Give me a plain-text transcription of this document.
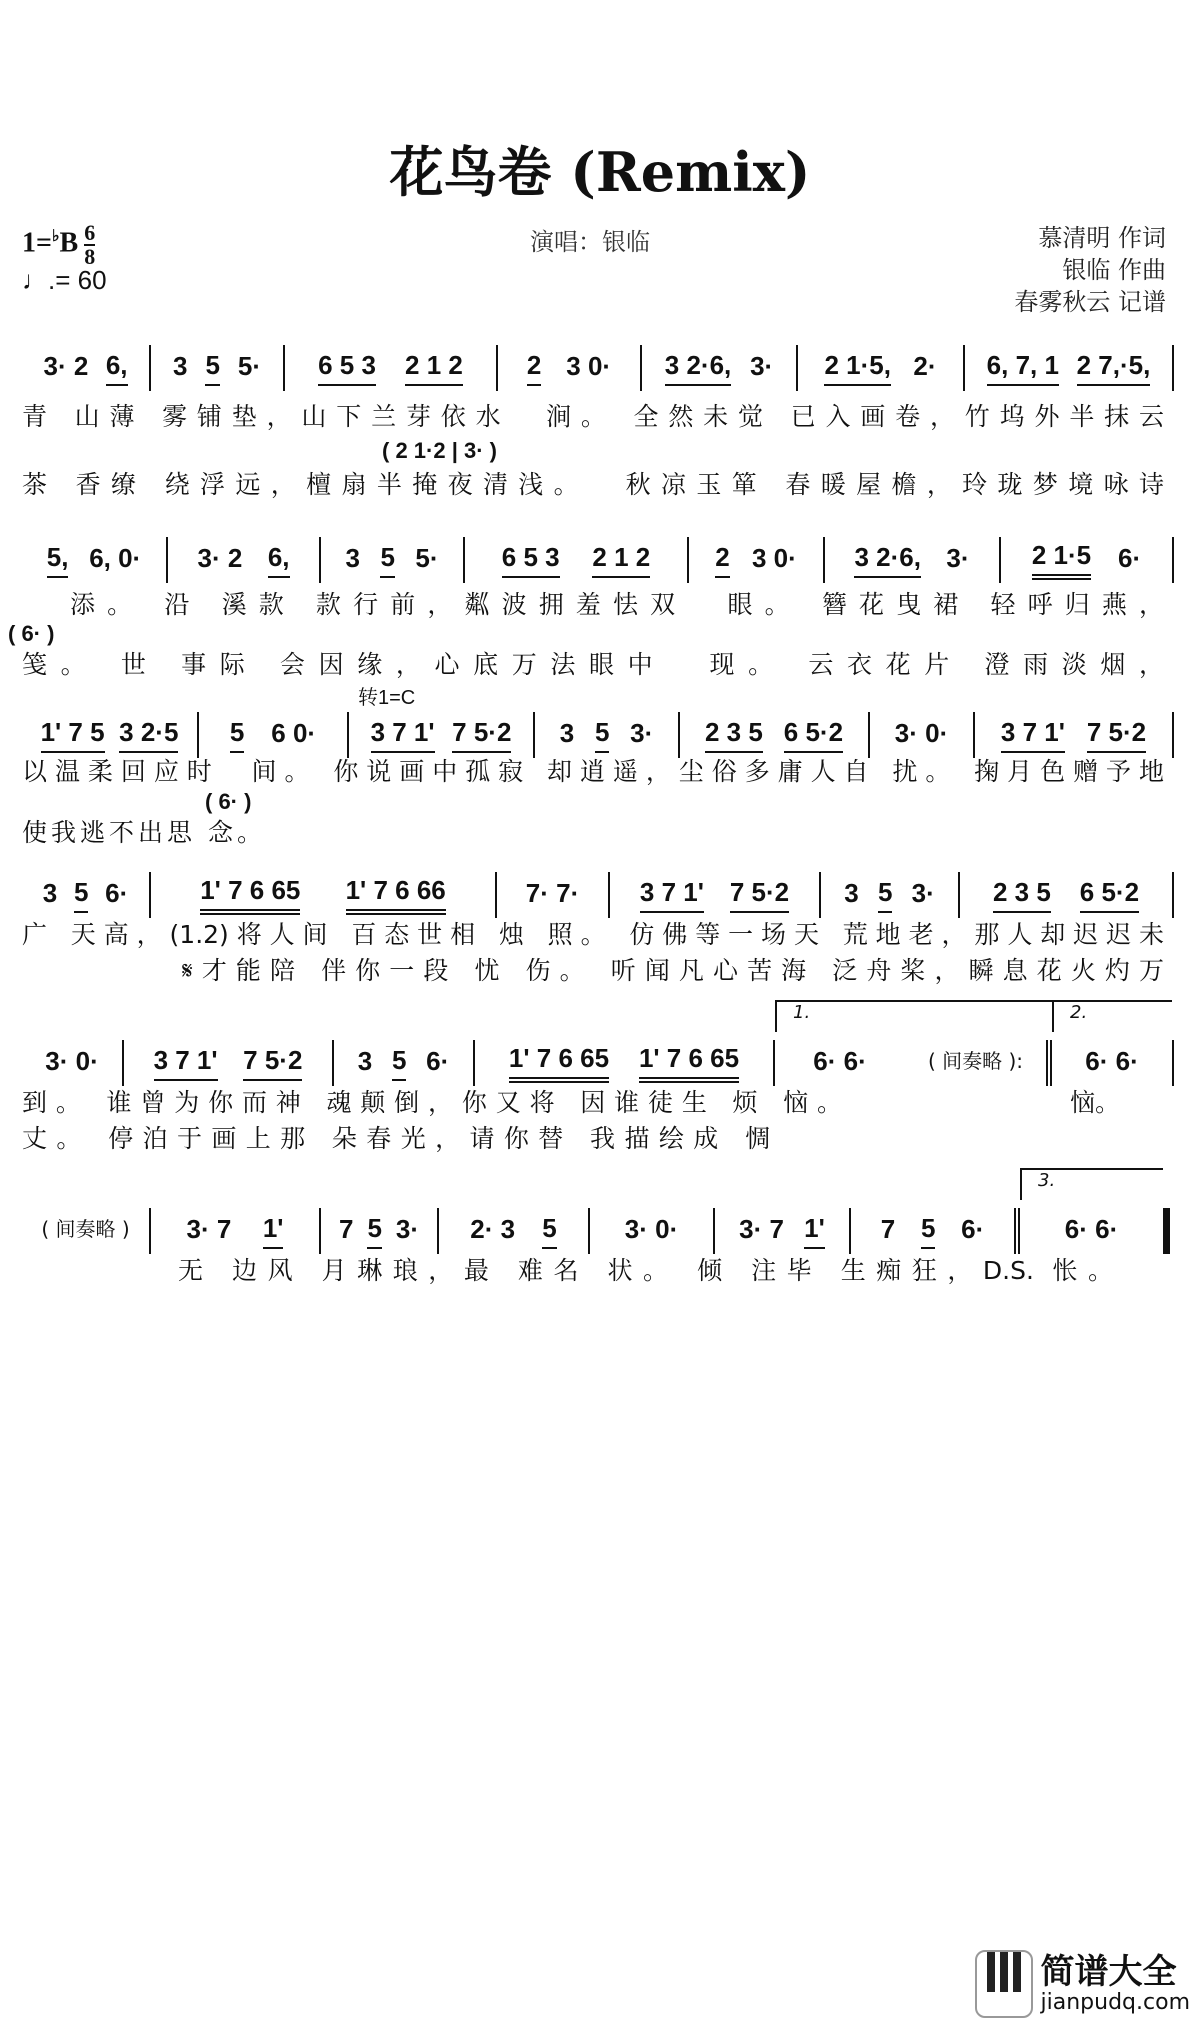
花鸟卷 (Remix)
$1=^♭B \frac{6}{8}$
♩.= 60
演唱：银临	慕清明 作词
银临 作曲
春雾秋云 记谱
转1=C
3· 2 6, 3 5 5· 6 5 3 2 1 2 2 3 0· 3 2·6, 3· 2 1·5, 2· 6, 7, 1 2 7,·5,
5, 6, 0· 3· 2 6, 3 5 5· 6 5 3 2 1 2	2 3 0· 3 2·6, 3· 2 1·5 6·
1' 7 5 3 2·5 5 6 0· 3 7 1' 7 5·2 3 5 3· 2 3 5 6 5·2 3· 0· 3 7 1' 7 5·2
3 5 6·	1' 7 6 65 1' 7 6 66	7· 7· 3 7 1' 7 5·2 3 5 3· 2 3 5 6 5·2
3· 0· 3 7 1' 7 5·2 3 5 6· 1' 7 6 65 1' 7 6 65
1.
6· 6·	( 间奏略 ):
2.
6· 6·
( 间奏略 ) 3· 7 1' 7 5 3· 2· 3 5	3· 0· 3· 7 1' 7 5 6·
3.
6· 6·
青 山薄 雾铺垫，山下兰芽依水  涧。 全然未觉 已入画卷，竹坞外半抹云
( 2 1·2 | 3· )
茶 香缭 绕浮远，檀扇半掩夜清浅。  秋凉玉箪 春暖屋檐，玲珑梦境咏诗
添。 沿 溪款 款行前，粼波拥羞怯双  眼。 簪花曳裙 轻呼归燕，
( 6· )
笺。 世 事际 会因缘，心底万法眼中  现。 云衣花片 澄雨淡烟，
以温柔回应时  间。 你说画中孤寂 却逍遥，尘俗多庸人自 扰。 掬月色赠予地
( 6· )
使我逃不出思 念。
广 天高，(1.2)将人间 百态世相 烛 照。 仿佛等一场天 荒地老，那人却迟迟未
𝄋才能陪 伴你一段 忧 伤。 听闻凡心苦海 泛舟桨，瞬息花火灼万
到。 谁曾为你而神 魂颠倒，你又将 因谁徒生 烦 恼。	恼。
丈。 停泊于画上那 朵春光，请你替 我描绘成 惆
无 边风 月琳琅，最 难名 状。 倾 注毕 生痴狂，D.S. 怅。
简谱大全
jianpudq.com
